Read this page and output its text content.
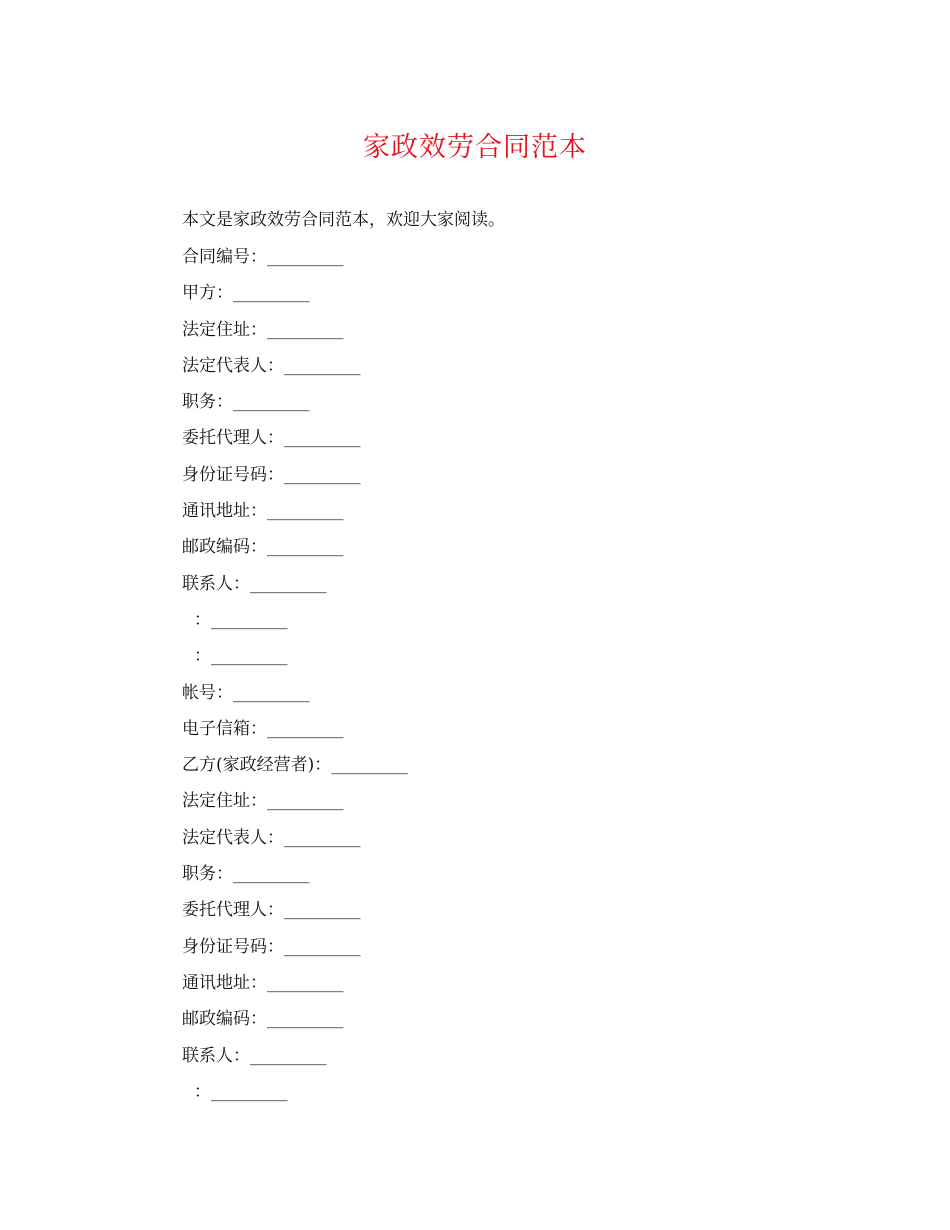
家政效劳合同范本
本文是家政效劳合同范本，欢迎大家阅读。
合同编号：_________
甲方：_________
法定住址：_________
法定代表人：_________
职务：_________
委托代理人：_________
身份证号码：_________
通讯地址：_________
邮政编码：_________
联系人：_________
：_________
：_________
帐号：_________
电子信箱：_________
乙方(家政经营者)：_________
法定住址：_________
法定代表人：_________
职务：_________
委托代理人：_________
身份证号码：_________
通讯地址：_________
邮政编码：_________
联系人：_________
：_________
